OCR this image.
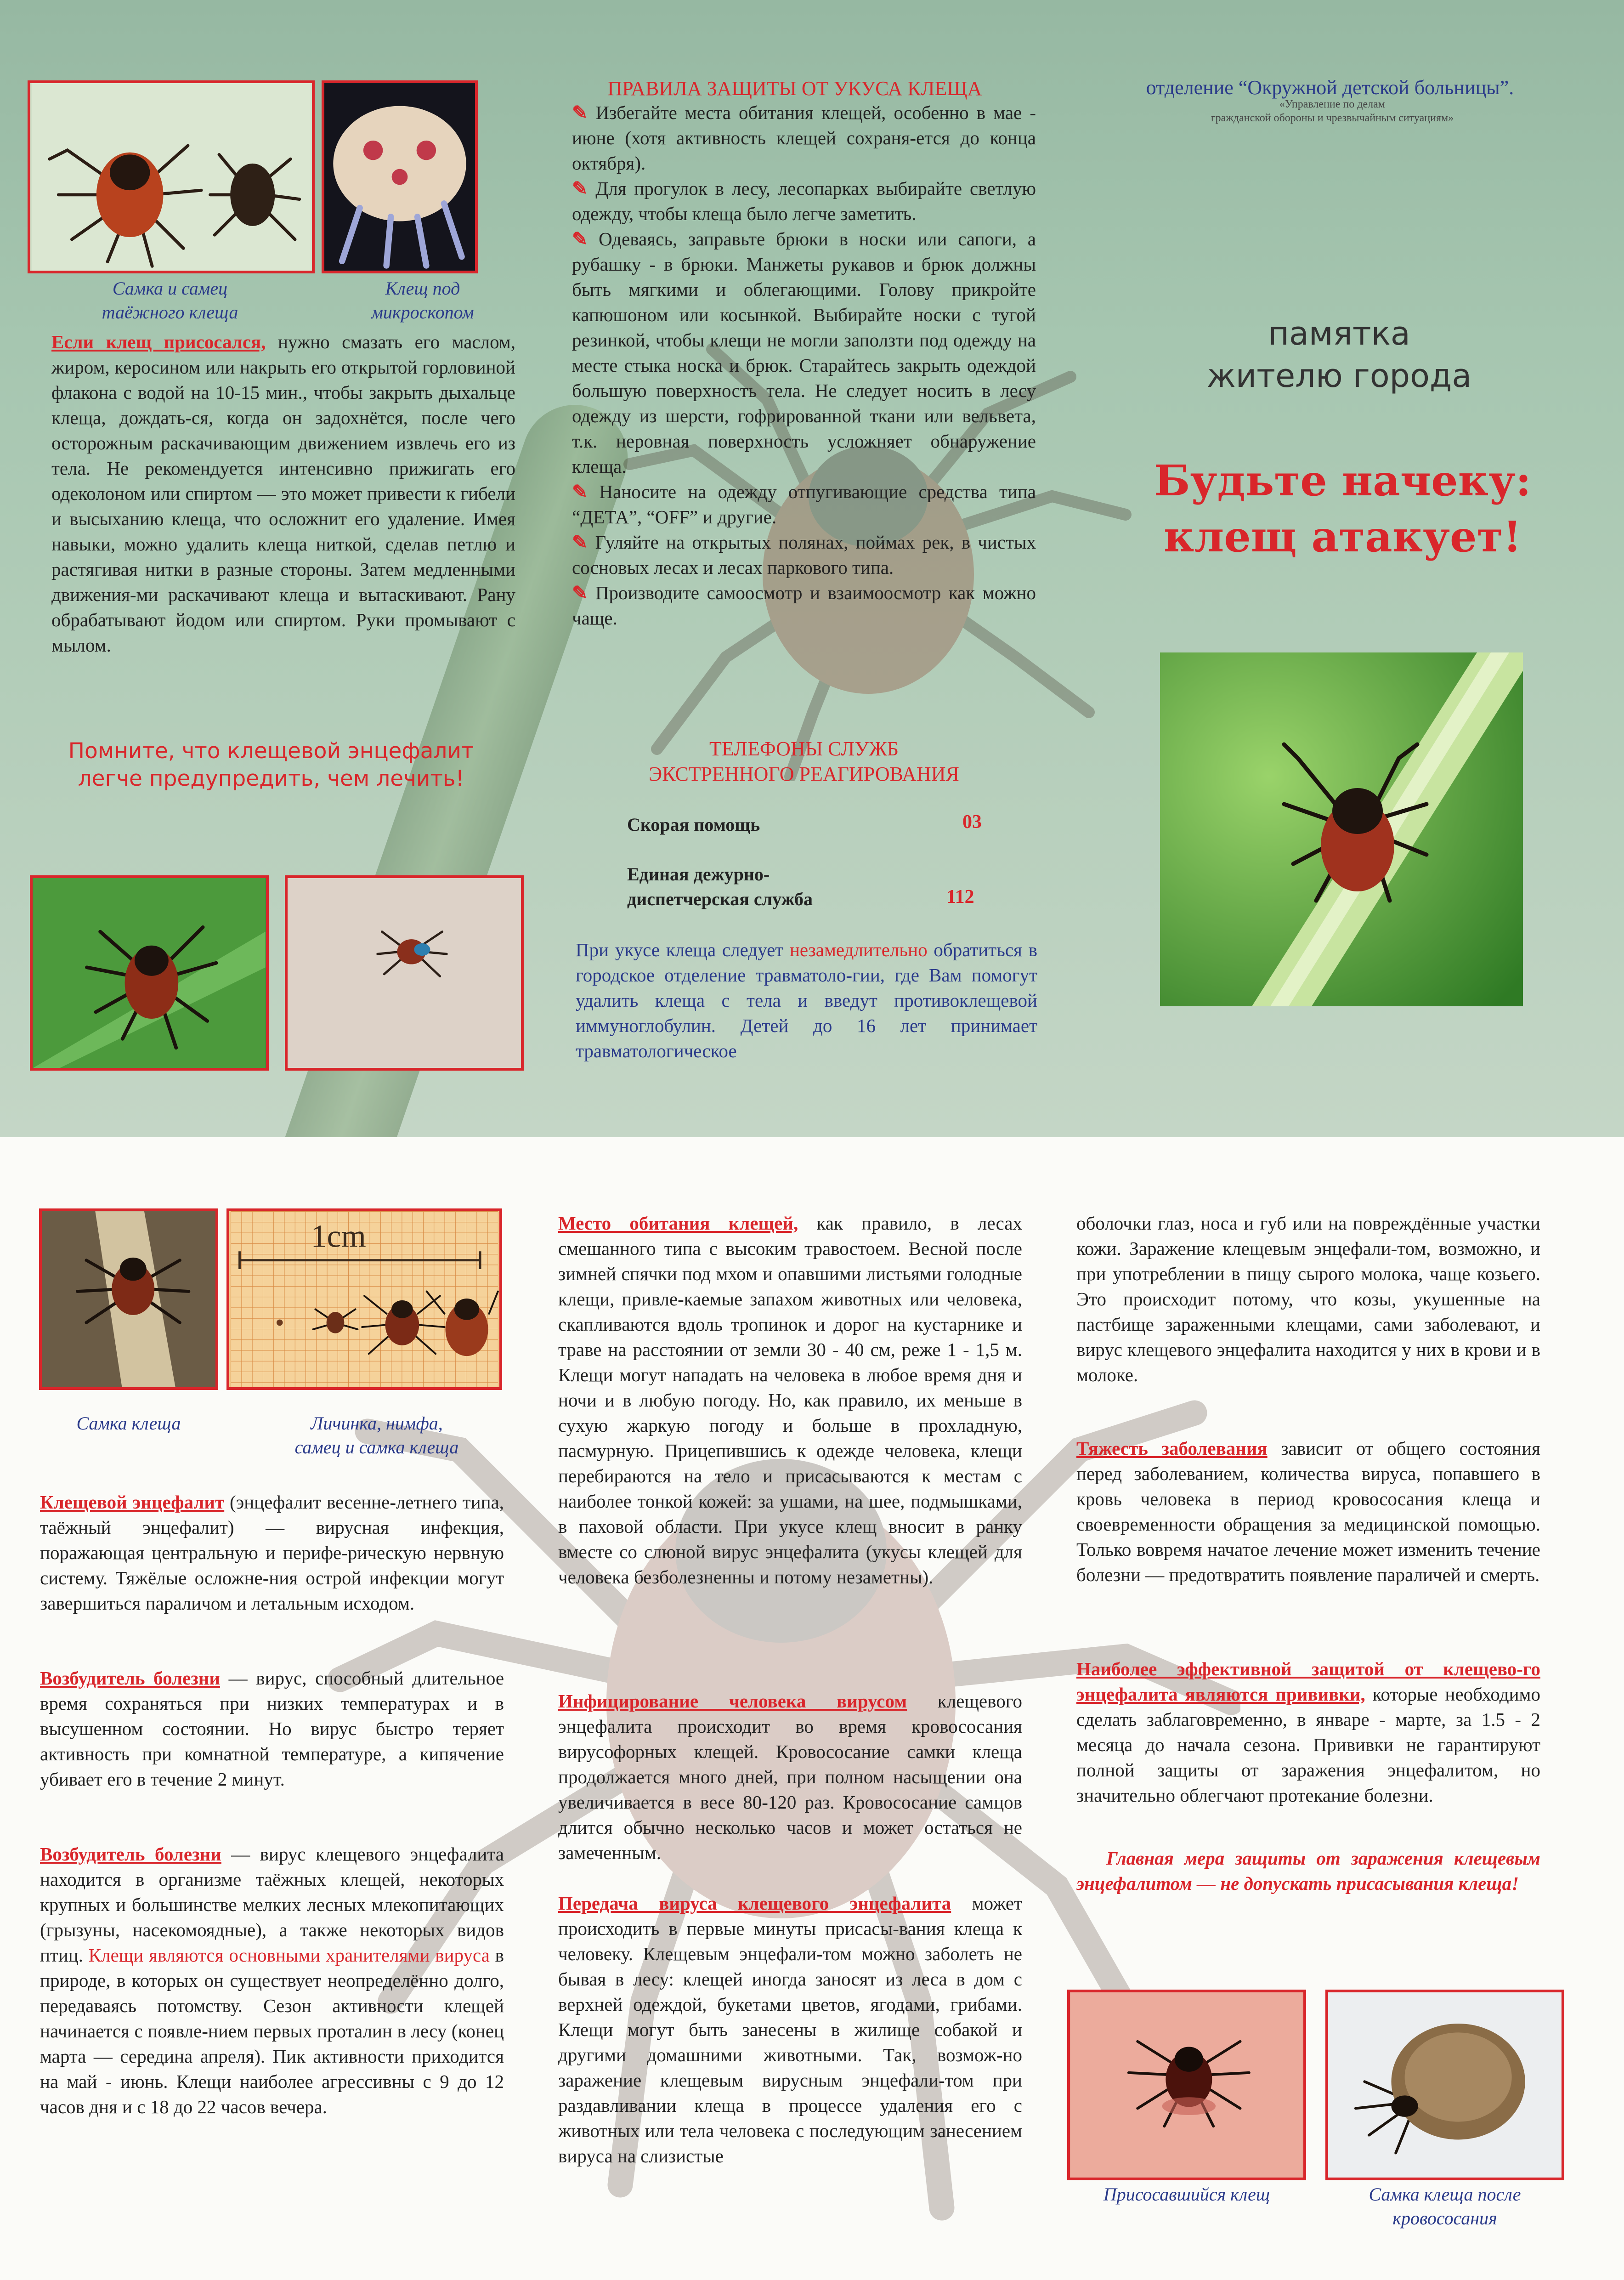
Самка и самец
таёжного клеща
Клещ под
микроскопом
Если клещ присосался, нужно смазать его маслом, жиром, керосином или накрыть его открытой горловиной флакона с водой на 10-15 мин., чтобы закрыть дыхальце клеща, дождать-ся, когда он задохнётся, после чего осторожным раскачивающим движением извлечь его из тела. Не рекомендуется интенсивно прижигать его одеколоном или спиртом — это может привести к гибели и высыханию клеща, что осложнит его удаление. Имея навыки, можно удалить клеща ниткой, сделав петлю и растягивая нитки в разные стороны. Затем медленными движения-ми раскачивают клеща и вытаскивают. Рану обрабатывают йодом или спиртом. Руки промывают с мылом.
Помните, что клещевой энцефалит
легче предупредить, чем лечить!
ПРАВИЛА ЗАЩИТЫ ОТ УКУСА КЛЕЩА

✎ Избегайте места обитания клещей, особенно в мае - июне (хотя активность клещей сохраня-ется до конца октября).

✎ Для прогулок в лесу, лесопарках выбирайте светлую одежду, чтобы клеща было легче заметить.

✎ Одеваясь, заправьте брюки в носки или сапоги, а рубашку - в брюки. Манжеты рукавов и брюк должны быть мягкими и облегающими. Голову прикройте капюшоном или косынкой. Выбирайте носки с тугой резинкой, чтобы клещи не могли заползти под одежду на месте стыка носка и брюк. Старайтесь закрыть одеждой большую поверхность тела. Не следует носить в лесу одежду из шерсти, гофрированной ткани или вельвета, т.к. неровная поверхность усложняет обнаружение клеща.

✎ Наносите на одежду отпугивающие средства типа “ДЕТА”, “OFF” и другие.

✎ Гуляйте на открытых полянах, поймах рек, в чистых сосновых лесах и лесах паркового типа.

✎ Производите самоосмотр и взаимоосмотр как можно чаще.

ТЕЛЕФОНЫ СЛУЖБ
ЭКСТРЕННОГО РЕАГИРОВАНИЯ
Скорая помощь	03
Единая дежурно-
диспетчерская служба	112
При укусе клеща следует незамедлительно обратиться в городское отделение травматоло-гии, где Вам помогут удалить клеща с тела и введут противоклещевой иммуноглобулин. Детей до 16 лет принимает травматологическое
отделение “Окружной детской больницы”.
«Управление по делам
гражданской обороны и чрезвычайным ситуациям»
памятка
жителю города
Будьте начеку:
клещ атакует!
Самка клеща
1cm
Личинка, нимфа,
самец и самка клеща
Клещевой энцефалит (энцефалит весенне-летнего типа, таёжный энцефалит) — вирусная инфекция, поражающая центральную и перифе-рическую нервную систему. Тяжёлые осложне-ния острой инфекции могут завершиться параличом и летальным исходом.
Возбудитель болезни — вирус, способный длительное время сохраняться при низких температурах и в высушенном состоянии. Но вирус быстро теряет активность при комнатной температуре, а кипячение убивает его в течение 2 минут.
Возбудитель болезни — вирус клещевого энцефалита находится в организме таёжных клещей, некоторых крупных и большинстве мелких лесных млекопитающих (грызуны, насекомоядные), а также некоторых видов птиц. Клещи являются основными хранителями вируса в природе, в которых он существует неопределённо долго, передаваясь потомству. Сезон активности клещей начинается с появле-нием первых проталин в лесу (конец марта — середина апреля). Пик активности приходится на май - июнь. Клещи наиболее агрессивны с 9 до 12 часов дня и с 18 до 22 часов вечера.
Место обитания клещей, как правило, в лесах смешанного типа с высоким травостоем. Весной после зимней спячки под мхом и опавшими листьями голодные клещи, привле-каемые запахом животных или человека, скапливаются вдоль тропинок и дорог на кустарнике и траве на расстоянии от земли 30 - 40 см, реже 1 - 1,5 м. Клещи могут нападать на человека в любое время дня и ночи и в любую погоду. Но, как правило, их меньше в сухую жаркую погоду и больше в прохладную, пасмурную. Прицепившись к одежде человека, клещи перебираются на тело и присасываются к местам с наиболее тонкой кожей: за ушами, на шее, подмышками, в паховой области. При укусе клещ вносит в ранку вместе со слюной вирус энцефалита (укусы клещей для человека безболезненны и потому незаметны).
Инфицирование человека вирусом клещевого энцефалита происходит во время кровососания вирусофорных клещей. Кровососание самки клеща продолжается много дней, при полном насыщении она увеличивается в весе 80-120 раз. Кровососание самцов длится обычно несколько часов и может остаться не замеченным.
Передача вируса клещевого энцефалита может происходить в первые минуты присасы-вания клеща к человеку. Клещевым энцефали-том можно заболеть не бывая в лесу: клещей иногда заносят из леса в дом с верхней одеждой, букетами цветов, ягодами, грибами. Клещи могут быть занесены в жилище собакой и другими домашними животными. Так, возмож-но заражение клещевым вирусным энцефали-том при раздавливании клеща в процессе удаления его с животных или тела человека с последующим занесением вируса на слизистые
оболочки глаз, носа и губ или на повреждённые участки кожи. Заражение клещевым энцефали-том, возможно, и при употреблении в пищу сырого молока, чаще козьего. Это происходит потому, что козы, укушенные на пастбище зараженными клещами, сами заболевают, и вирус клещевого энцефалита находится у них в крови и в молоке.
Тяжесть заболевания зависит от общего состояния перед заболеванием, количества вируса, попавшего в кровь человека в период кровососания клеща и своевременности обращения за медицинской помощью. Только вовремя начатое лечение может изменить течение болезни — предотвратить появление параличей и смерть.
Наиболее эффективной защитой от клещево-го энцефалита являются прививки, которые необходимо сделать заблаговременно, в январе - марте, за 1.5 - 2 месяца до начала сезона. Прививки не гарантируют полной защиты от заражения энцефалитом, но значительно облегчают протекание болезни.
Главная мера защиты от заражения клещевым энцефалитом — не допускать присасывания клеща!
Присосавшийся клещ	Самка клеща после
кровососания
